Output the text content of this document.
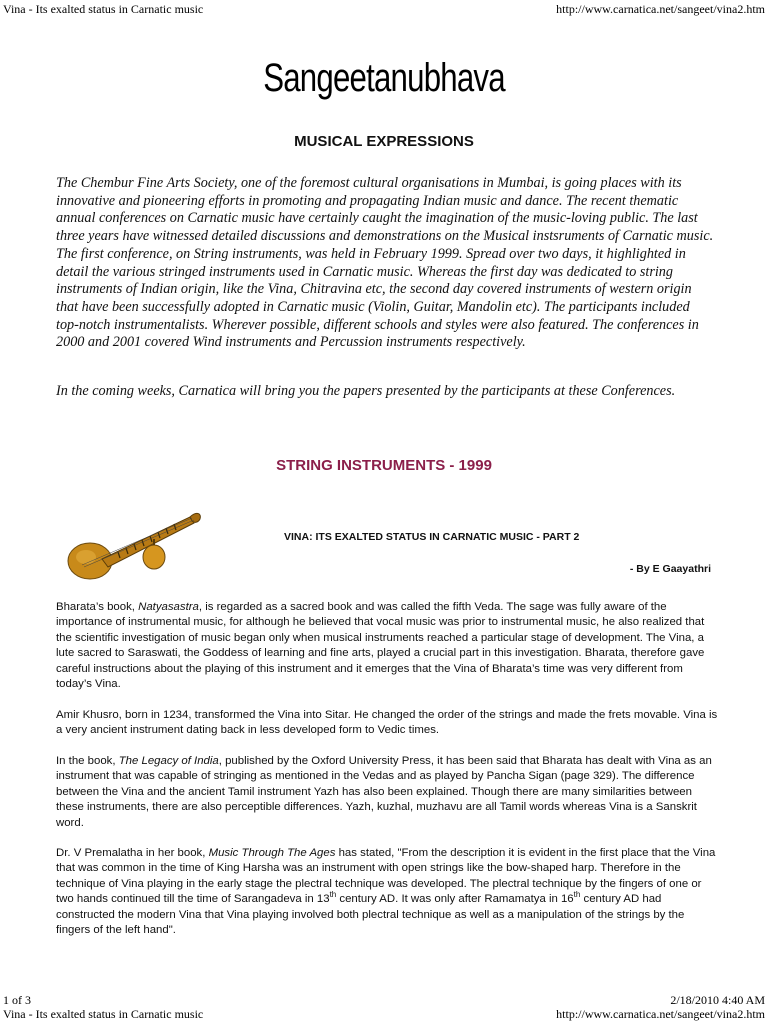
Vina - Its exalted status in Carnatic music	http://www.carnatica.net/sangeet/vina2.htm
Sangeetanubhava
MUSICAL EXPRESSIONS

The Chembur Fine Arts Society, one of the foremost cultural organisations in Mumbai, is going places with its innovative and pioneering efforts in promoting and propagating Indian music and dance. The recent thematic annual conferences on Carnatic music have certainly caught the imagination of the music-loving public. The last three years have witnessed detailed discussions and demonstrations on the Musical instsruments of Carnatic music. The first conference, on String instruments, was held in February 1999. Spread over two days, it highlighted in detail the various stringed instruments used in Carnatic music. Whereas the first day was dedicated to string instruments of Indian origin, like the Vina, Chitravina etc, the second day covered instruments of western origin that have been successfully adopted in Carnatic music (Violin, Guitar, Mandolin etc). The participants included top-notch instrumentalists. Wherever possible, different schools and styles were also featured. The conferences in 2000 and 2001 covered Wind instruments and Percussion instruments respectively.

In the coming weeks, Carnatica will bring you the papers presented by the participants at these Conferences.

STRING INSTRUMENTS - 1999
VINA: ITS EXALTED STATUS IN CARNATIC MUSIC - PART 2
- By E Gaayathri

Bharata’s book, Natyasastra, is regarded as a sacred book and was called the fifth Veda. The sage was fully aware of the importance of instrumental music, for although he believed that vocal music was prior to instrumental music, he also realized that the scientific investigation of music began only when musical instruments reached a particular stage of development. The Vina, a lute sacred to Saraswati, the Goddess of learning and fine arts, played a crucial part in this investigation. Bharata, therefore gave careful instructions about the playing of this instrument and it emerges that the Vina of Bharata’s time was very different from today’s Vina.

Amir Khusro, born in 1234, transformed the Vina into Sitar. He changed the order of the strings and made the frets movable. Vina is a very ancient instrument dating back in less developed form to Vedic times.

In the book, The Legacy of India, published by the Oxford University Press, it has been said that Bharata has dealt with Vina as an instrument that was capable of stringing as mentioned in the Vedas and as played by Pancha Sigan (page 329). The difference between the Vina and the ancient Tamil instrument Yazh has also been explained. Though there are many similarities between these instruments, there are also perceptible differences. Yazh, kuzhal, muzhavu are all Tamil words whereas Vina is a Sanskrit word.

Dr. V Premalatha in her book, Music Through The Ages has stated, "From the description it is evident in the first place that the Vina that was common in the time of King Harsha was an instrument with open strings like the bow-shaped harp. Therefore in the technique of Vina playing in the early stage the plectral technique was developed. The plectral technique by the fingers of one or two hands continued till the time of Sarangadeva in 13th century AD. It was only after Ramamatya in 16th century AD had constructed the modern Vina that Vina playing involved both plectral technique as well as a manipulation of the strings by the fingers of the left hand".

1 of 3	2/18/2010 4:40 AM
Vina - Its exalted status in Carnatic music	http://www.carnatica.net/sangeet/vina2.htm
